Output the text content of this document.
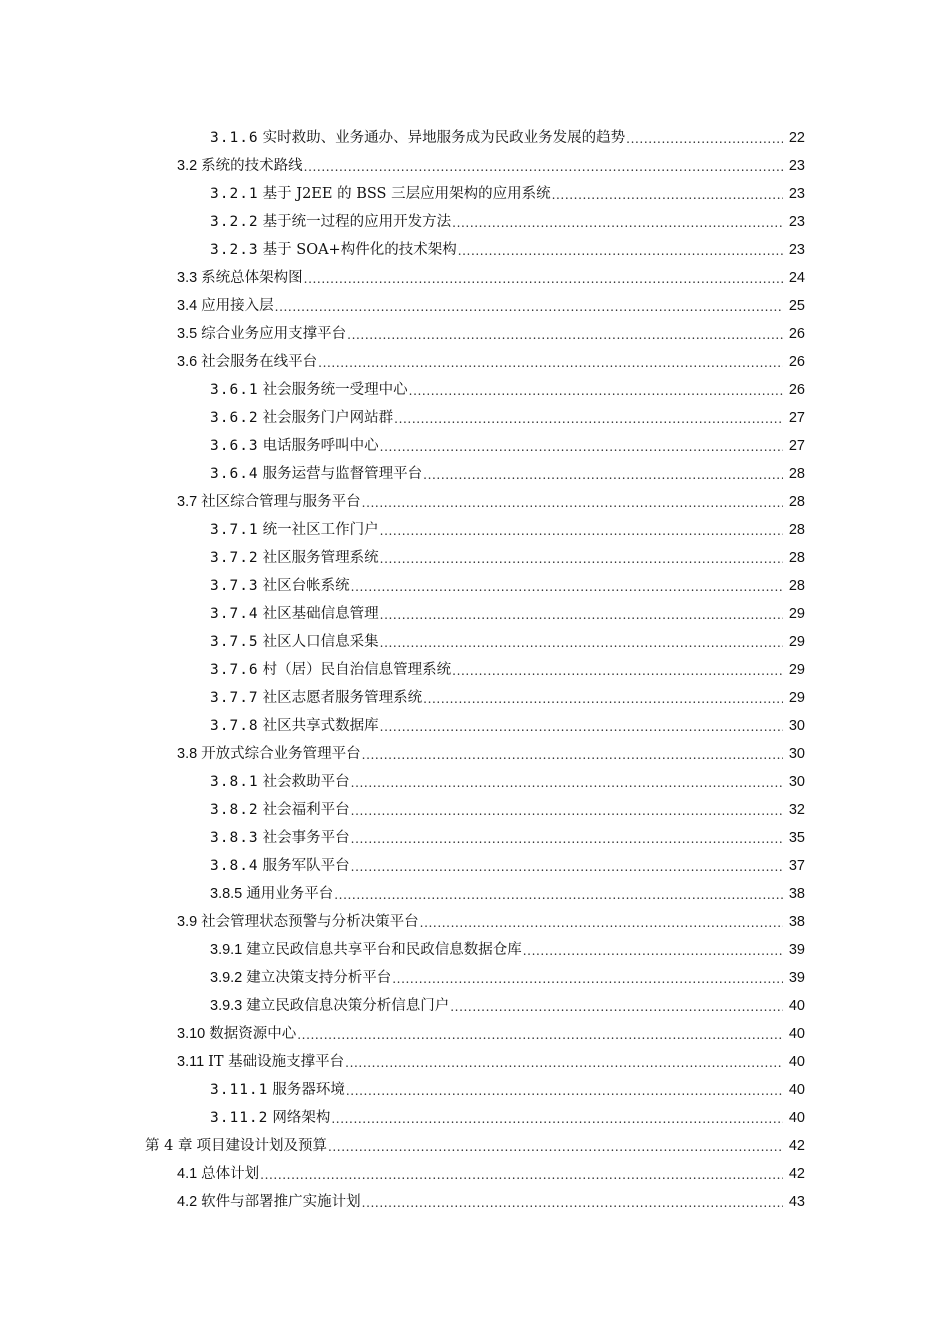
3.1.6 实时救助、业务通办、异地服务成为民政业务发展的趋势 .....	22
3.2 系统的技术路线 .....	23
3.2.1 基于 J2EE 的 BSS 三层应用架构的应用系统 .....	23
3.2.2 基于统一过程的应用开发方法 .....	23
3.2.3 基于 SOA+构件化的技术架构 .....	23
3.3 系统总体架构图 .....	24
3.4 应用接入层 .....	25
3.5 综合业务应用支撑平台 .....	26
3.6 社会服务在线平台 .....	26
3.6.1 社会服务统一受理中心 .....	26
3.6.2 社会服务门户网站群 .....	27
3.6.3 电话服务呼叫中心 .....	27
3.6.4 服务运营与监督管理平台 .....	28
3.7 社区综合管理与服务平台 .....	28
3.7.1 统一社区工作门户 .....	28
3.7.2 社区服务管理系统 .....	28
3.7.3 社区台帐系统 .....	28
3.7.4 社区基础信息管理 .....	29
3.7.5 社区人口信息采集 .....	29
3.7.6 村（居）民自治信息管理系统 .....	29
3.7.7 社区志愿者服务管理系统 .....	29
3.7.8 社区共享式数据库 .....	30
3.8 开放式综合业务管理平台 .....	30
3.8.1 社会救助平台 .....	30
3.8.2 社会福利平台 .....	32
3.8.3 社会事务平台 .....	35
3.8.4 服务军队平台 .....	37
3.8.5 通用业务平台 .....	38
3.9 社会管理状态预警与分析决策平台 .....	38
3.9.1 建立民政信息共享平台和民政信息数据仓库 .....	39
3.9.2 建立决策支持分析平台 .....	39
3.9.3 建立民政信息决策分析信息门户 .....	40
3.10 数据资源中心 .....	40
3.11 IT 基础设施支撑平台 .....	40
3.11.1 服务器环境 .....	40
3.11.2 网络架构 .....	40
第 4 章 项目建设计划及预算 .....	42
4.1 总体计划 .....	42
4.2 软件与部署推广实施计划 .....	43
